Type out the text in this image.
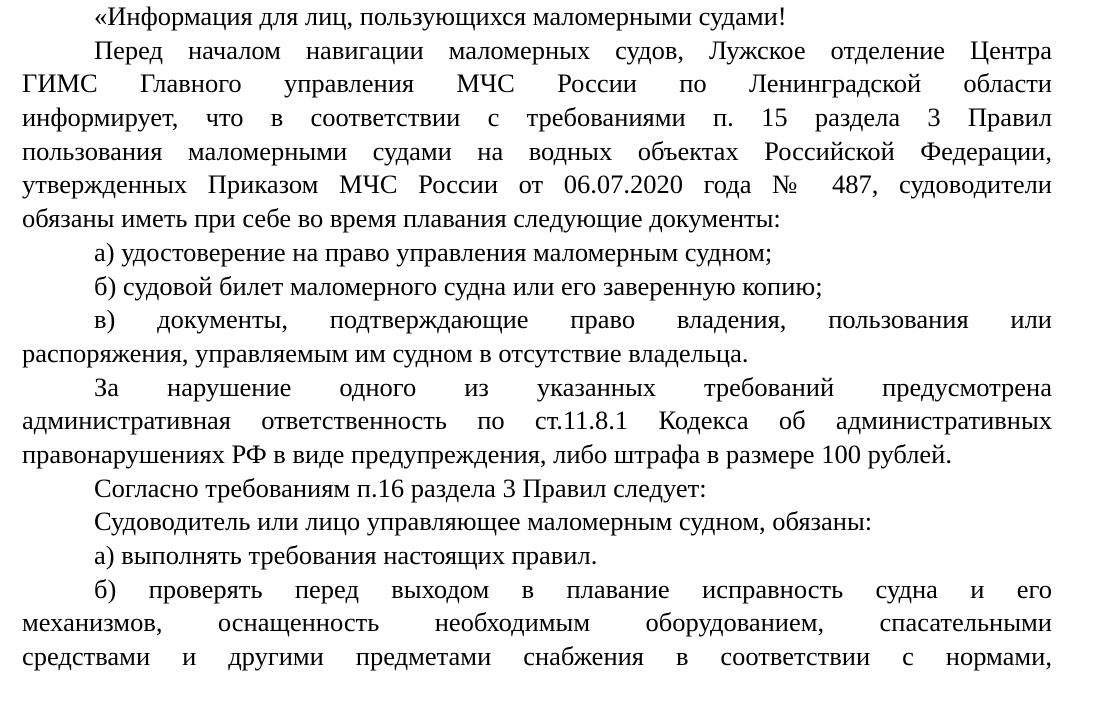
«Информация для лиц, пользующихся маломерными судами!
Перед началом навигации маломерных судов, Лужское отделение Центра
ГИМС Главного управления МЧС России по Ленинградской области
информирует, что в соответствии с требованиями п. 15 раздела 3 Правил
пользования маломерными судами на водных объектах Российской Федерации,
утвержденных Приказом МЧС России от 06.07.2020 года № 487, судоводители
обязаны иметь при себе во время плавания следующие документы:
а) удостоверение на право управления маломерным судном;
б) судовой билет маломерного судна или его заверенную копию;
в) документы, подтверждающие право владения, пользования или
распоряжения, управляемым им судном в отсутствие владельца.
За нарушение одного из указанных требований предусмотрена
административная ответственность по ст.11.8.1 Кодекса об административных
правонарушениях РФ в виде предупреждения, либо штрафа в размере 100 рублей.
Согласно требованиям п.16 раздела 3 Правил следует:
Судоводитель или лицо управляющее маломерным судном, обязаны:
а) выполнять требования настоящих правил.
б) проверять перед выходом в плавание исправность судна и его
механизмов, оснащенность необходимым оборудованием, спасательными
средствами и другими предметами снабжения в соответствии с нормами,
